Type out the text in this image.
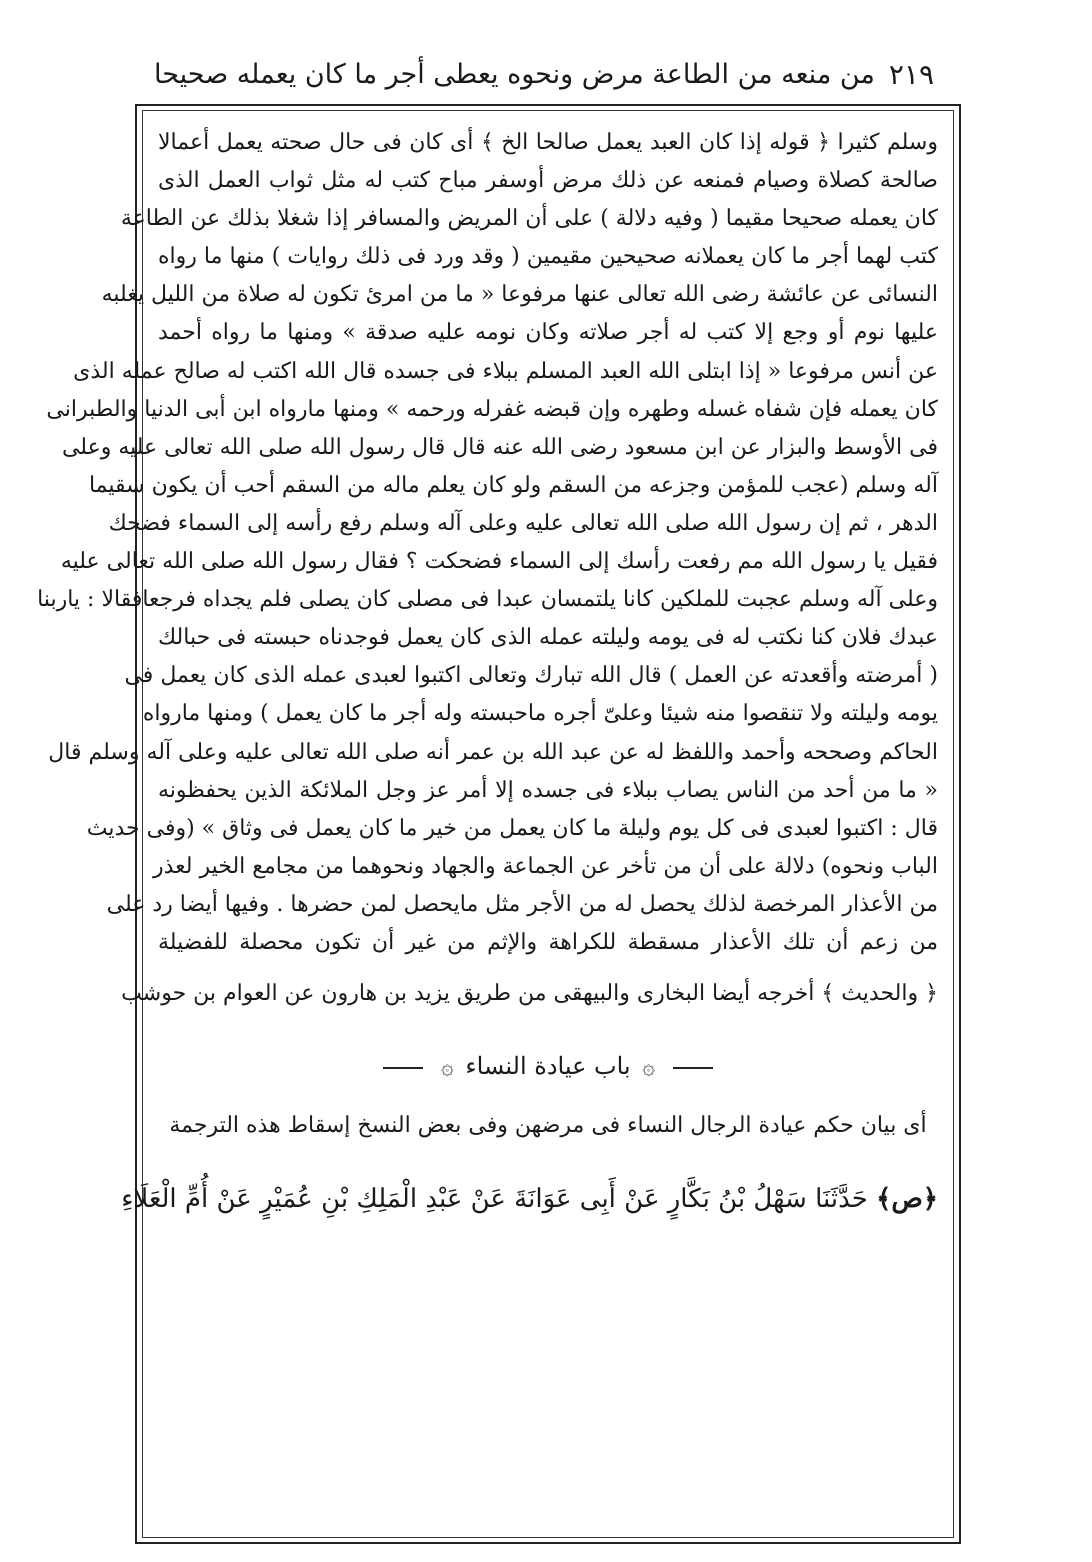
٢١٩
من منعه من الطاعة مرض ونحوه يعطى أجر ما كان يعمله صحيحا
وسلم كثيرا ﴿ قوله إذا كان العبد يعمل صالحا الخ ﴾ أى كان فى حال صحته يعمل أعمالا
صالحة كصلاة وصيام فمنعه عن ذلك مرض أوسفر مباح كتب له مثل ثواب العمل الذى
كان يعمله صحيحا مقيما ( وفيه دلالة ) على أن المريض والمسافر إذا شغلا بذلك عن الطاعة
كتب لهما أجر ما كان يعملانه صحيحين مقيمين ( وقد ورد فى ذلك روايات ) منها ما رواه
النسائى عن عائشة رضى الله تعالى عنها مرفوعا « ما من امرئ تكون له صلاة من الليل يغلبه
عليها نوم أو وجع إلا كتب له أجر صلاته وكان نومه عليه صدقة » ومنها ما رواه أحمد
عن أنس مرفوعا « إذا ابتلى الله العبد المسلم ببلاء فى جسده قال الله اكتب له صالح عمله الذى
كان يعمله فإن شفاه غسله وطهره وإن قبضه غفرله ورحمه » ومنها مارواه ابن أبى الدنيا والطبرانى
فى الأوسط والبزار عن ابن مسعود رضى الله عنه قال قال رسول الله صلى الله تعالى عليه وعلى
آله وسلم (عجب للمؤمن وجزعه من السقم ولو كان يعلم ماله من السقم أحب أن يكون سقيما
الدهر ، ثم إن رسول الله صلى الله تعالى عليه وعلى آله وسلم رفع رأسه إلى السماء فضحك
فقيل يا رسول الله مم رفعت رأسك إلى السماء فضحكت ؟ فقال رسول الله صلى الله تعالى عليه
وعلى آله وسلم عجبت للملكين كانا يلتمسان عبدا فى مصلى كان يصلى فلم يجداه فرجعافقالا : ياربنا
عبدك فلان كنا نكتب له فى يومه وليلته عمله الذى كان يعمل فوجدناه حبسته فى حبالك
( أمرضته وأقعدته عن العمل ) قال الله تبارك وتعالى اكتبوا لعبدى عمله الذى كان يعمل فى
يومه وليلته ولا تنقصوا منه شيئا وعلىّ أجره ماحبسته وله أجر ما كان يعمل ) ومنها مارواه
الحاكم وصححه وأحمد واللفظ له عن عبد الله بن عمر أنه صلى الله تعالى عليه وعلى آله وسلم قال
« ما من أحد من الناس يصاب ببلاء فى جسده إلا أمر عز وجل الملائكة الذين يحفظونه
قال : اكتبوا لعبدى فى كل يوم وليلة ما كان يعمل من خير ما كان يعمل فى وثاق » (وفى حديث
الباب ونحوه) دلالة على أن من تأخر عن الجماعة والجهاد ونحوهما من مجامع الخير لعذر
من الأعذار المرخصة لذلك يحصل له من الأجر مثل مايحصل لمن حضرها . وفيها أيضا رد على
من زعم أن تلك الأعذار مسقطة للكراهة والإثم من غير أن تكون محصلة للفضيلة
﴿ والحديث ﴾ أخرجه أيضا البخارى والبيهقى من طريق يزيد بن هارون عن العوام بن حوشب
۞ باب عيادة النساء ۞
أى بيان حكم عيادة الرجال النساء فى مرضهن وفى بعض النسخ إسقاط هذه الترجمة
﴿ص﴾ حَدَّثَنَا سَهْلُ بْنُ بَكَّارٍ عَنْ أَبِى عَوَانَةَ عَنْ عَبْدِ الْمَلِكِ بْنِ عُمَيْرٍ عَنْ أُمِّ الْعَلَاءِ
